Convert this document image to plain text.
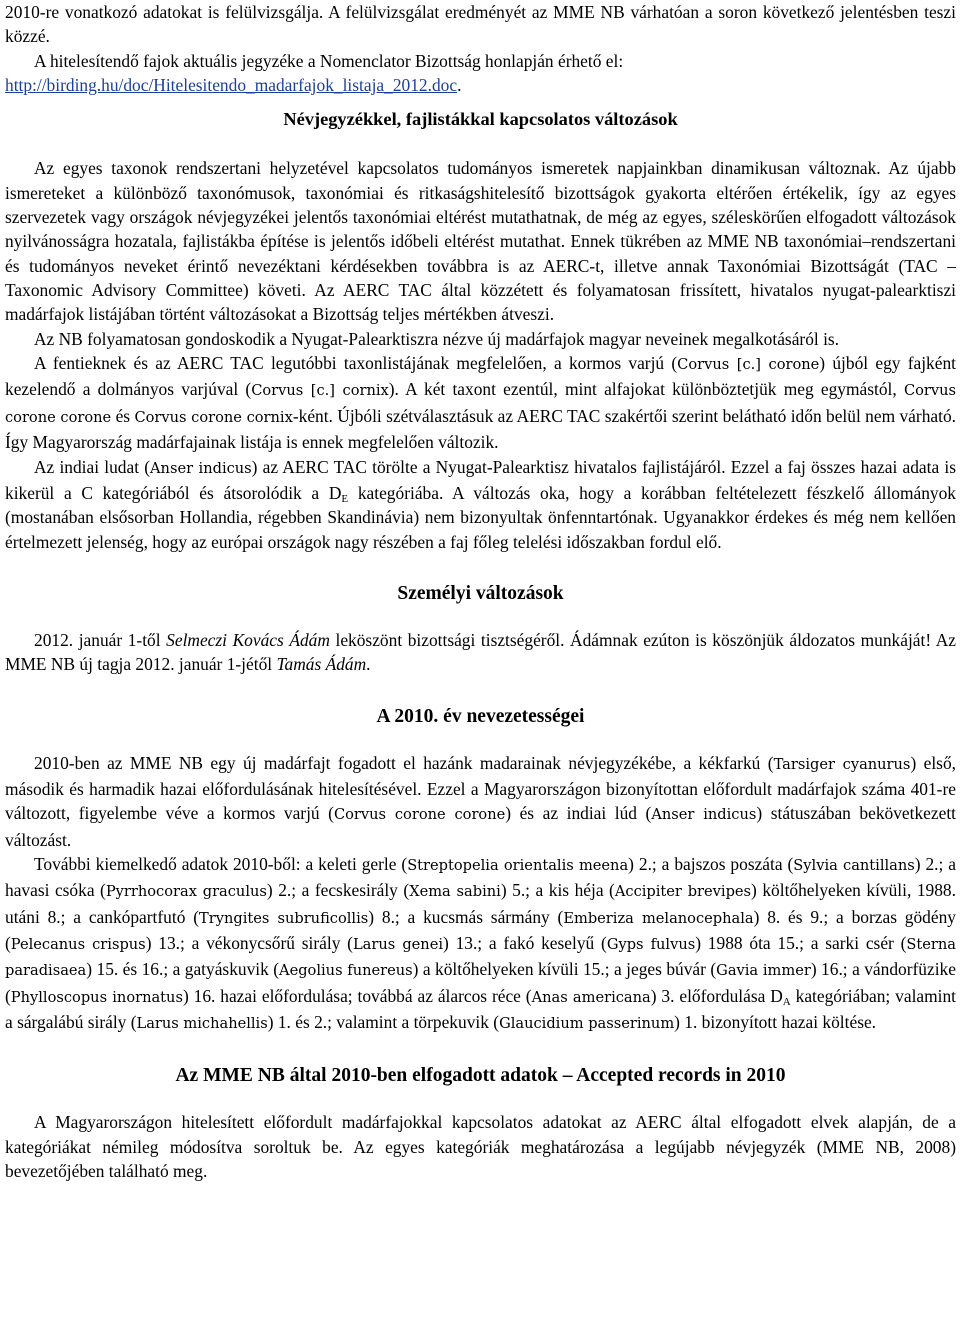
2010-re vonatkozó adatokat is felülvizsgálja. A felülvizsgálat eredményét az MME NB várhatóan a soron következő jelentésben teszi közzé.

A hitelesítendő fajok aktuális jegyzéke a Nomenclator Bizottság honlapján érhető el:

http://birding.hu/doc/Hitelesitendo_madarfajok_listaja_2012.doc.

Névjegyzékkel, fajlistákkal kapcsolatos változások

Az egyes taxonok rendszertani helyzetével kapcsolatos tudományos ismeretek napjainkban dinamikusan változnak. Az újabb ismereteket a különböző taxonómusok, taxonómiai és ritkaságshitelesítő bizottságok gyakorta eltérően értékelik, így az egyes szervezetek vagy országok névjegyzékei jelentős taxonómiai eltérést mutathatnak, de még az egyes, széleskörűen elfogadott változások nyilvánosságra hozatala, fajlistákba építése is jelentős időbeli eltérést mutathat. Ennek tükrében az MME NB taxonómiai–rendszertani és tudományos neveket érintő nevezéktani kérdésekben továbbra is az AERC-t, illetve annak Taxonómiai Bizottságát (TAC – Taxonomic Advisory Committee) követi. Az AERC TAC által közzétett és folyamatosan frissített, hivatalos nyugat-palearktiszi madárfajok listájában történt változásokat a Bizottság teljes mértékben átveszi.

Az NB folyamatosan gondoskodik a Nyugat-Palearktiszra nézve új madárfajok magyar neveinek megalkotásáról is.

A fentieknek és az AERC TAC legutóbbi taxonlistájának megfelelően, a kormos varjú (Corvus [c.] corone) újból egy fajként kezelendő a dolmányos varjúval (Corvus [c.] cornix). A két taxont ezentúl, mint alfajokat különböztetjük meg egymástól, Corvus corone corone és Corvus corone cornix-ként. Újbóli szétválasztásuk az AERC TAC szakértői szerint belátható időn belül nem várható. Így Magyarország madárfajainak listája is ennek megfelelően változik.

Az indiai ludat (Anser indicus) az AERC TAC törölte a Nyugat-Palearktisz hivatalos fajlistájáról. Ezzel a faj összes hazai adata is kikerül a C kategóriából és átsorolódik a $D_E$ kategóriába. A változás oka, hogy a korábban feltételezett fészkelő állományok (mostanában elsősorban Hollandia, régebben Skandinávia) nem bizonyultak önfenntartónak. Ugyanakkor érdekes és még nem kellően értelmezett jelenség, hogy az európai országok nagy részében a faj főleg telelési időszakban fordul elő.

Személyi változások

2012. január 1-től Selmeczi Kovács Ádám leköszönt bizottsági tisztségéről. Ádámnak ezúton is köszönjük áldozatos munkáját! Az MME NB új tagja 2012. január 1-jétől Tamás Ádám.

A 2010. év nevezetességei

2010-ben az MME NB egy új madárfajt fogadott el hazánk madarainak névjegyzékébe, a kékfarkú (Tarsiger cyanurus) első, második és harmadik hazai előfordulásának hitelesítésével. Ezzel a Magyarországon bizonyítottan előfordult madárfajok száma 401-re változott, figyelembe véve a kormos varjú (Corvus corone corone) és az indiai lúd (Anser indicus) státuszában bekövetkezett változást.

További kiemelkedő adatok 2010-ből: a keleti gerle (Streptopelia orientalis meena) 2.; a bajszos poszáta (Sylvia cantillans) 2.; a havasi csóka (Pyrrhocorax graculus) 2.; a fecskesirály (Xema sabini) 5.; a kis héja (Accipiter brevipes) költőhelyeken kívüli, 1988. utáni 8.; a cankópartfutó (Tryngites subruficollis) 8.; a kucsmás sármány (Emberiza melanocephala) 8. és 9.; a borzas gödény (Pelecanus crispus) 13.; a vékonycsőrű sirály (Larus genei) 13.; a fakó keselyű (Gyps fulvus) 1988 óta 15.; a sarki csér (Sterna paradisaea) 15. és 16.; a gatyáskuvik (Aegolius funereus) a költőhelyeken kívüli 15.; a jeges búvár (Gavia immer) 16.; a vándorfüzike (Phylloscopus inornatus) 16. hazai előfordulása; továbbá az álarcos réce (Anas americana) 3. előfordulása $D_A$ kategóriában; valamint a sárgalábú sirály (Larus michahellis) 1. és 2.; valamint a törpekuvik (Glaucidium passerinum) 1. bizonyított hazai költése.

Az MME NB által 2010-ben elfogadott adatok – Accepted records in 2010

A Magyarországon hitelesített előfordult madárfajokkal kapcsolatos adatokat az AERC által elfogadott elvek alapján, de a kategóriákat némileg módosítva soroltuk be. Az egyes kategóriák meghatározása a legújabb névjegyzék (MME NB, 2008) bevezetőjében található meg.
